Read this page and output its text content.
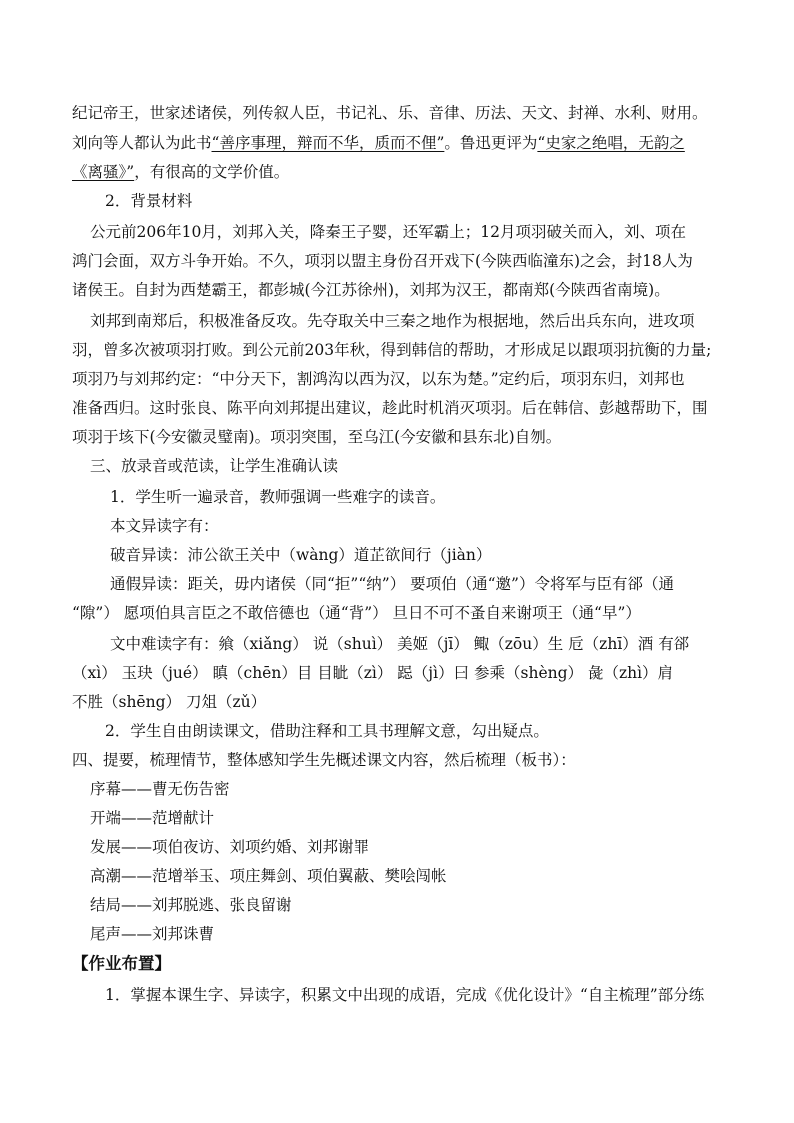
纪记帝王，世家述诸侯，列传叙人臣，书记礼、乐、音律、历法、天文、封禅、水利、财用。
刘向等人都认为此书“善序事理，辩而不华，质而不俚”。鲁迅更评为“史家之绝唱，无韵之
《离骚》”，有很高的文学价值。
2．背景材料
公元前206年10月，刘邦入关，降秦王子婴，还军霸上；12月项羽破关而入，刘、项在
鸿门会面，双方斗争开始。不久，项羽以盟主身份召开戏下(今陕西临潼东)之会，封18人为
诸侯王。自封为西楚霸王，都彭城(今江苏徐州)，刘邦为汉王，都南郑(今陕西省南境)。
刘邦到南郑后，积极准备反攻。先夺取关中三秦之地作为根据地，然后出兵东向，进攻项
羽，曾多次被项羽打败。到公元前203年秋，得到韩信的帮助，才形成足以跟项羽抗衡的力量;
项羽乃与刘邦约定：“中分天下，割鸿沟以西为汉，以东为楚。”定约后，项羽东归，刘邦也
准备西归。这时张良、陈平向刘邦提出建议，趁此时机消灭项羽。后在韩信、彭越帮助下，围
项羽于垓下(今安徽灵璧南)。项羽突围，至乌江(今安徽和县东北)自刎。
三、放录音或范读，让学生准确认读
1．学生听一遍录音，教师强调一些难字的读音。
本文异读字有：
破音异读：沛公欲王关中（wàng）道芷欲间行（jiàn）
通假异读：距关，毋内诸侯（同“拒”“纳”） 要项伯（通“邀”）令将军与臣有郤（通
“隙”） 愿项伯具言臣之不敢倍德也（通“背”） 旦日不可不蚤自来谢项王（通“早”）
文中难读字有：飨（xiǎng） 说（shuì） 美姬（jī） 鲰（zōu）生 卮（zhī）酒 有郤
（xì） 玉玦（jué） 瞋（chēn）目 目眦（zì） 跽（jì）曰 参乘（shèng） 彘（zhì）肩
不胜（shēng） 刀俎（zǔ）
2．学生自由朗读课文，借助注释和工具书理解文意，勾出疑点。
四、提要，梳理情节，整体感知学生先概述课文内容，然后梳理（板书）：
序幕——曹无伤告密
开端——范增献计
发展——项伯夜访、刘项约婚、刘邦谢罪
高潮——范增举玉、项庄舞剑、项伯翼蔽、樊哙闯帐
结局——刘邦脱逃、张良留谢
尾声——刘邦诛曹
【作业布置】
1．掌握本课生字、异读字，积累文中出现的成语，完成《优化设计》“自主梳理”部分练
